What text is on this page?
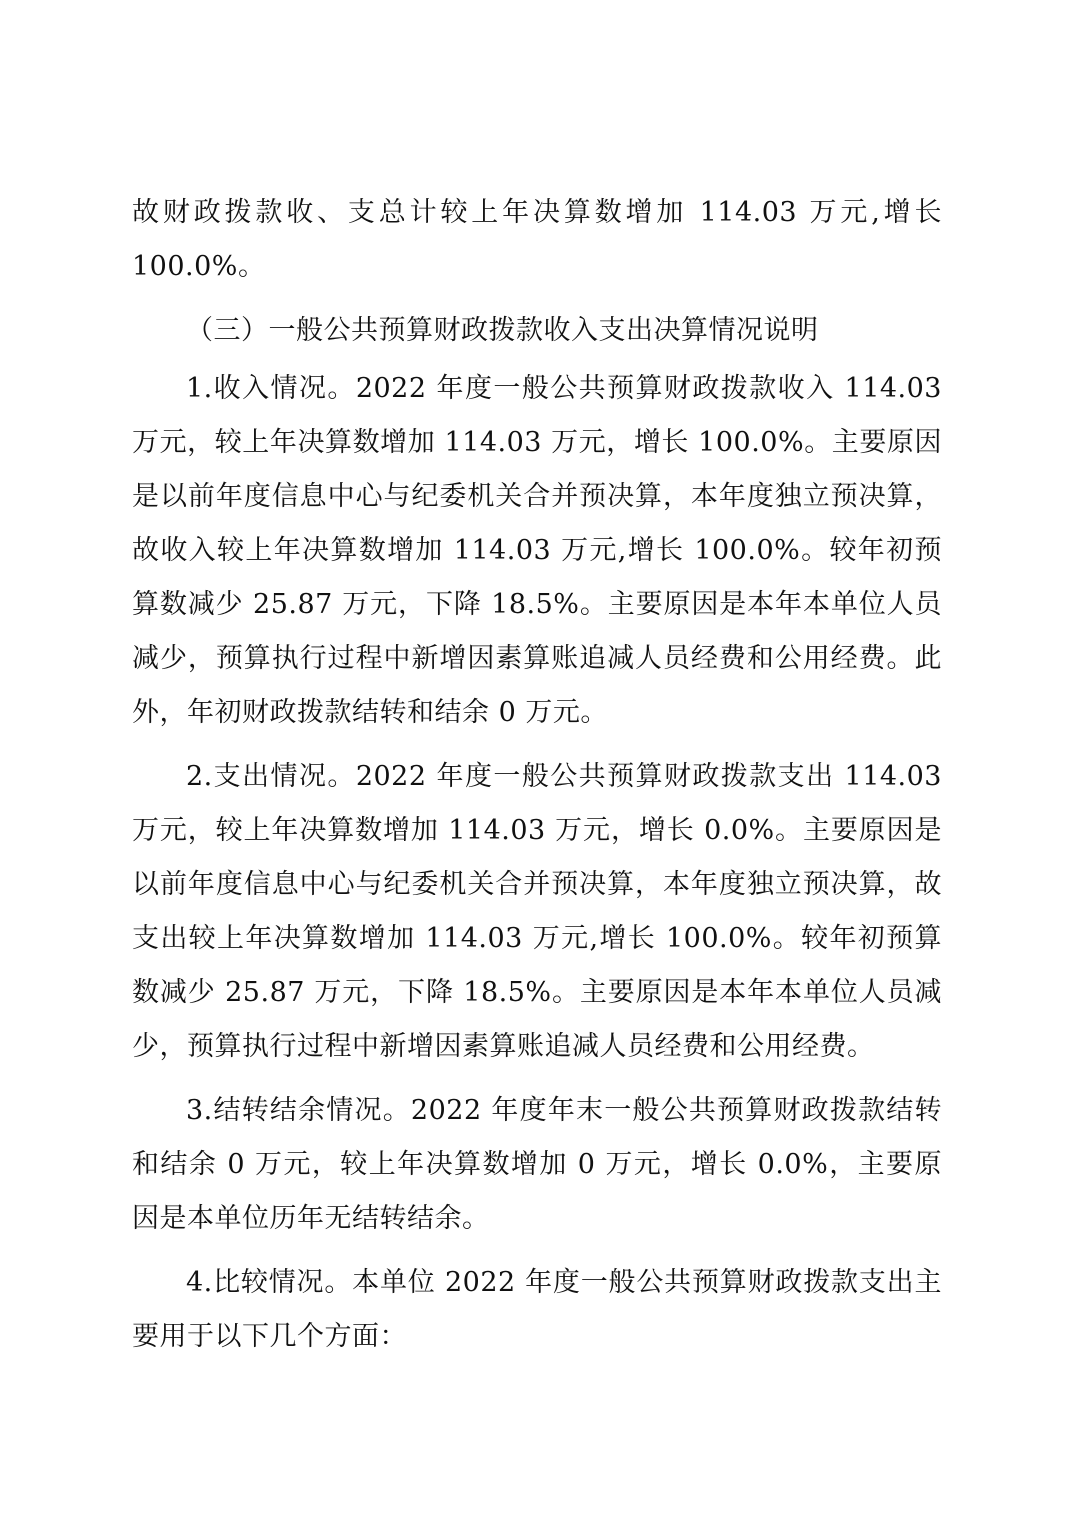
故财政拨款收、支总计较上年决算数增加 114.03 万元,增长 100.0%。

（三）一般公共预算财政拨款收入支出决算情况说明

1.收入情况。2022 年度一般公共预算财政拨款收入 114.03 万元，较上年决算数增加 114.03 万元，增长 100.0%。主要原因是以前年度信息中心与纪委机关合并预决算，本年度独立预决算，故收入较上年决算数增加 114.03 万元,增长 100.0%。较年初预算数减少 25.87 万元，下降 18.5%。主要原因是本年本单位人员减少，预算执行过程中新增因素算账追减人员经费和公用经费。此外，年初财政拨款结转和结余 0 万元。

2.支出情况。2022 年度一般公共预算财政拨款支出 114.03 万元，较上年决算数增加 114.03 万元，增长 0.0%。主要原因是以前年度信息中心与纪委机关合并预决算，本年度独立预决算，故支出较上年决算数增加 114.03 万元,增长 100.0%。较年初预算数减少 25.87 万元，下降 18.5%。主要原因是本年本单位人员减少，预算执行过程中新增因素算账追减人员经费和公用经费。

3.结转结余情况。2022 年度年末一般公共预算财政拨款结转和结余 0 万元，较上年决算数增加 0 万元，增长 0.0%，主要原因是本单位历年无结转结余。

4.比较情况。本单位 2022 年度一般公共预算财政拨款支出主要用于以下几个方面：
